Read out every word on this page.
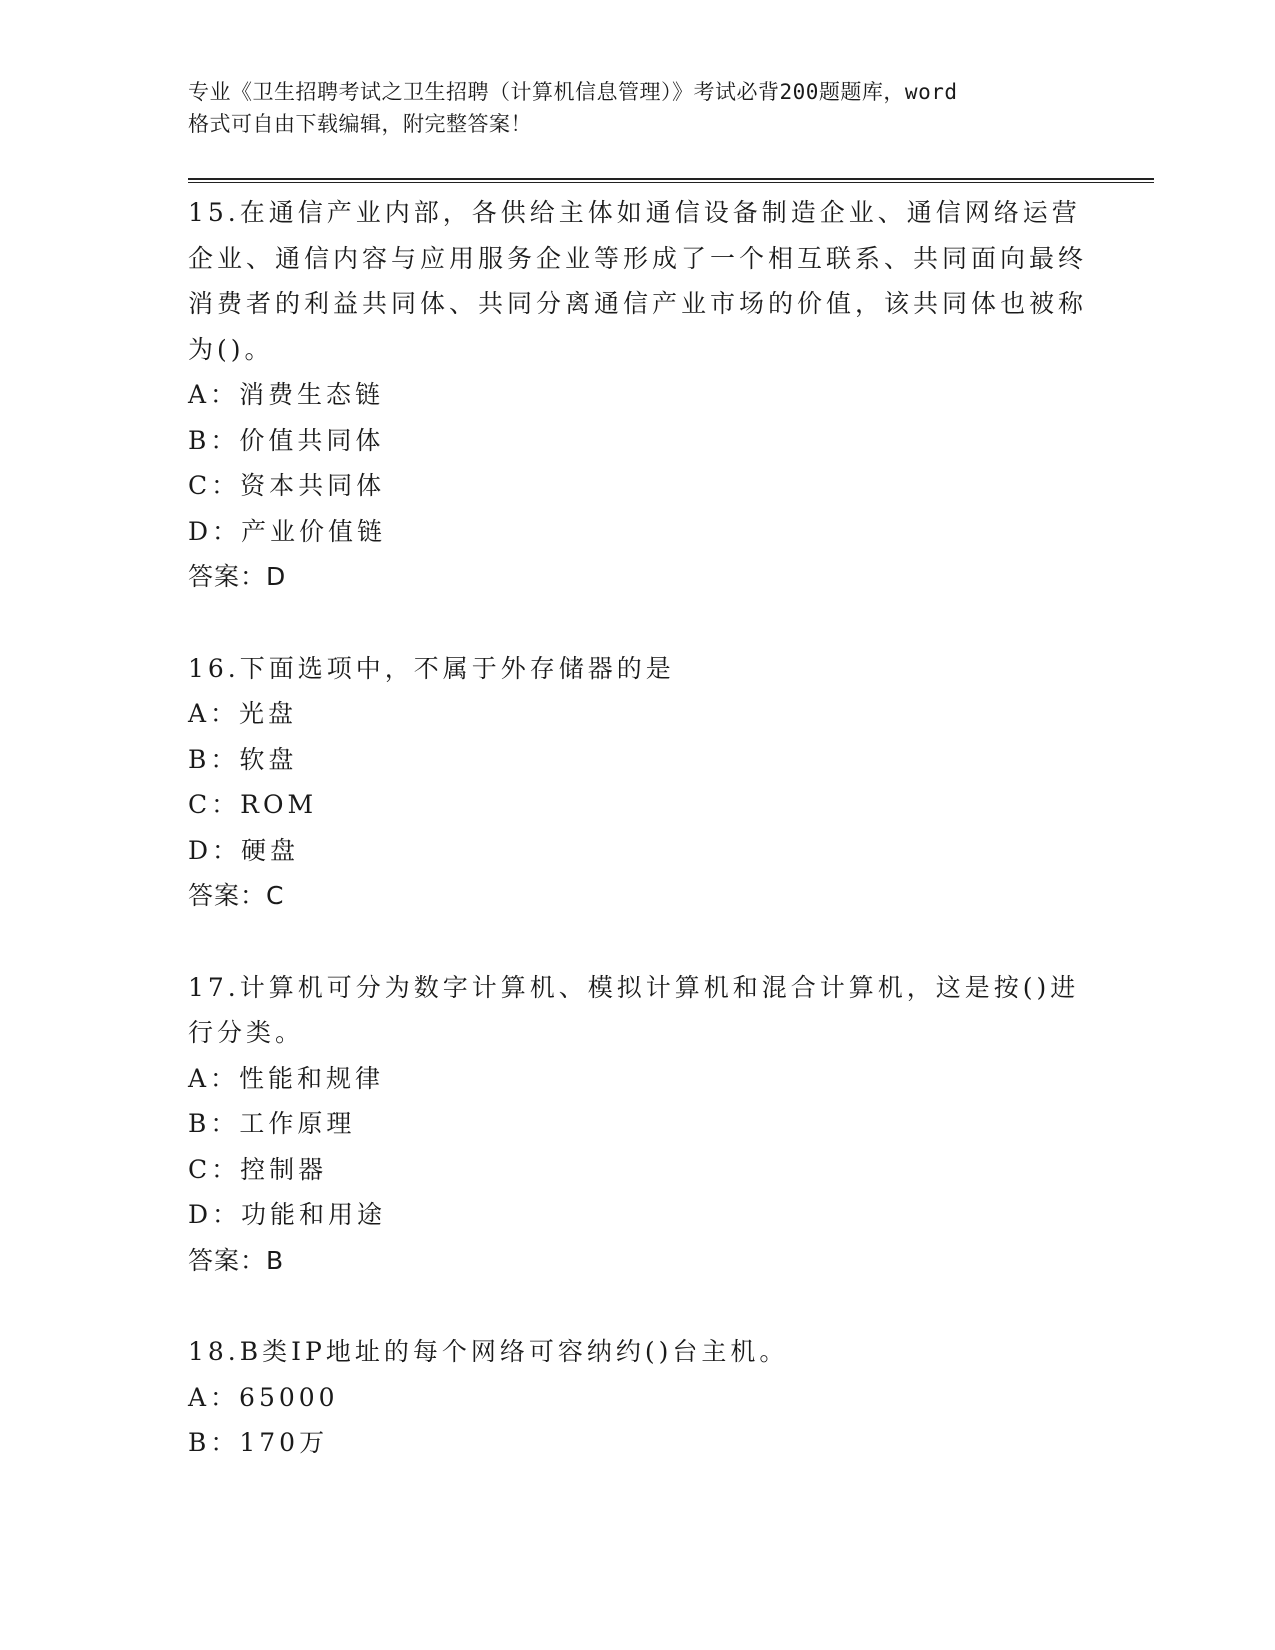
专业《卫生招聘考试之卫生招聘（计算机信息管理）》考试必背200题题库，word
格式可自由下载编辑，附完整答案！
15.在通信产业内部，各供给主体如通信设备制造企业、通信网络运营企业、通信内容与应用服务企业等形成了一个相互联系、共同面向最终消费者的利益共同体、共同分离通信产业市场的价值，该共同体也被称为()。
A：消费生态链
B：价值共同体
C：资本共同体
D：产业价值链
答案：D
16.下面选项中，不属于外存储器的是
A：光盘
B：软盘
C：ROM
D：硬盘
答案：C
17.计算机可分为数字计算机、模拟计算机和混合计算机，这是按()进行分类。
A：性能和规律
B：工作原理
C：控制器
D：功能和用途
答案：B
18.B类IP地址的每个网络可容纳约()台主机。
A：65000
B：170万
